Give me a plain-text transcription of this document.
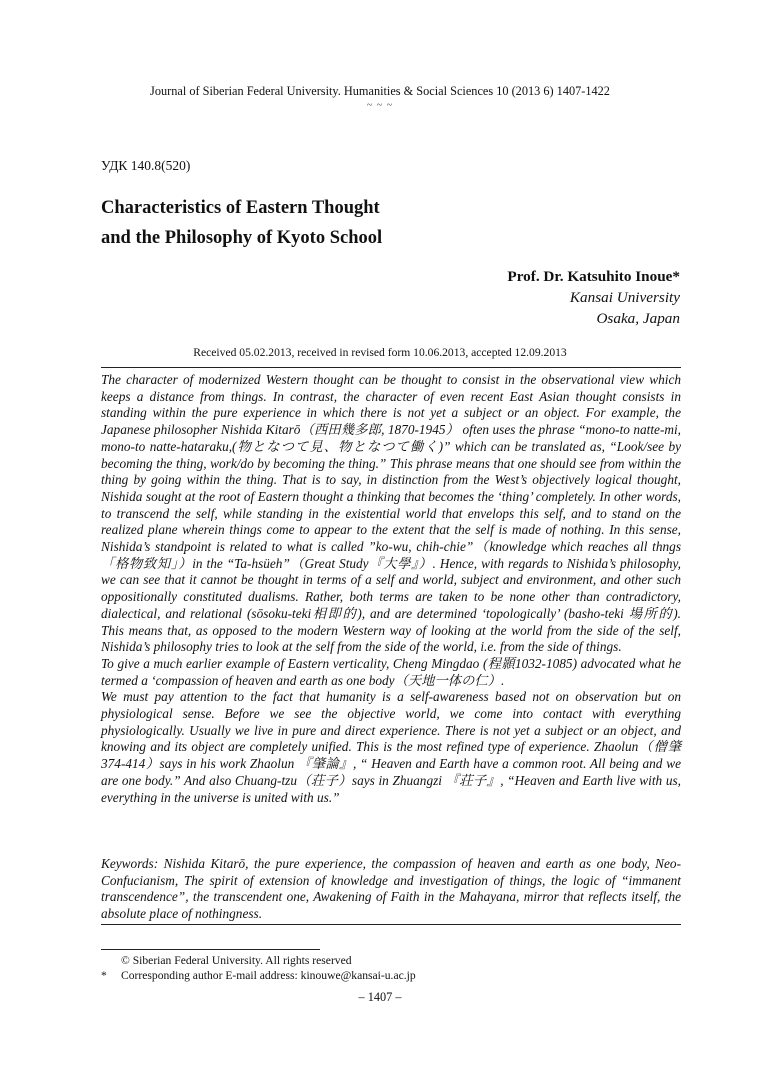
Journal of Siberian Federal University. Humanities & Social Sciences 10 (2013 6) 1407-1422
~ ~ ~
УДК 140.8(520)
Characteristics of Eastern Thought
and the Philosophy of Kyoto School
Prof. Dr. Katsuhito Inoue*
Kansai University
Osaka, Japan
Received 05.02.2013, received in revised form 10.06.2013, accepted 12.09.2013

The character of modernized Western thought can be thought to consist in the observational view which keeps a distance from things. In contrast, the character of even recent East Asian thought consists in standing within the pure experience in which there is not yet a subject or an object. For example, the Japanese philosopher Nishida Kitarō（西田幾多郎, 1870-1945） often uses the phrase “mono-to natte-mi, mono-to natte-hataraku,(物となつて見、物となつて働く)” which can be translated as, “Look/see by becoming the thing, work/do by becoming the thing.” This phrase means that one should see from within the thing by going within the thing. That is to say, in distinction from the West’s objectively logical thought, Nishida sought at the root of Eastern thought a thinking that becomes the ‘thing’ completely. In other words, to transcend the self, while standing in the existential world that envelops this self, and to stand on the realized plane wherein things come to appear to the extent that the self is made of nothing. In this sense, Nishida’s standpoint is related to what is called ”ko-wu, chih-chie”（knowledge which reaches all thngs 「格物致知」）in the “Ta-hsüeh”（Great Study『大學』）. Hence, with regards to Nishida’s philosophy, we can see that it cannot be thought in terms of a self and world, subject and environment, and other such oppositionally constituted dualisms. Rather, both terms are taken to be none other than contradictory, dialectical, and relational (sōsoku-teki相即的), and are determined ‘topologically’ (basho-teki 場所的). This means that, as opposed to the modern Western way of looking at the world from the side of the self, Nishida’s philosophy tries to look at the self from the side of the world, i.e. from the side of things.

To give a much earlier example of Eastern verticality, Cheng Mingdao (程顥1032-1085) advocated what he termed a ‘compassion of heaven and earth as one body（天地一体の仁）.

We must pay attention to the fact that humanity is a self-awareness based not on observation but on physiological sense. Before we see the objective world, we come into contact with everything physiologically. Usually we live in pure and direct experience. There is not yet a subject or an object, and knowing and its object are completely unified. This is the most refined type of experience. Zhaolun（僧肇374-414）says in his work Zhaolun 『肇論』, “ Heaven and Earth have a common root. All being and we are one body.” And also Chuang-tzu（荘子）says in Zhuangzi 『荘子』, “Heaven and Earth live with us, everything in the universe is united with us.”

Keywords: Nishida Kitarō, the pure experience, the compassion of heaven and earth as one body, Neo-Confucianism, The spirit of extension of knowledge and investigation of things, the logic of “immanent transcendence”, the transcendent one, Awakening of Faith in the Mahayana, mirror that reflects itself, the absolute place of nothingness.

© Siberian Federal University. All rights reserved
*	Corresponding author E-mail address: kinouwe@kansai-u.ac.jp
– 1407 –
